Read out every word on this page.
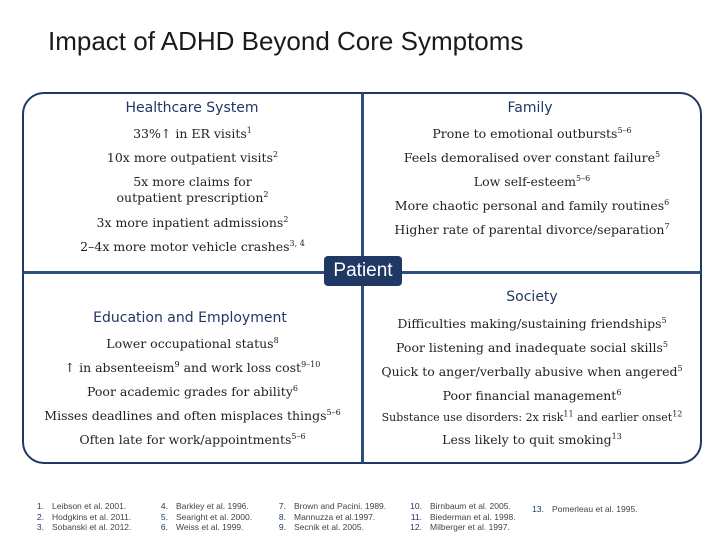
Impact of ADHD Beyond Core Symptoms
Patient
Healthcare System
33%↑ in ER visits$^1$
10x more outpatient visits$^2$
5x more claims for outpatient prescription$^2$
3x more inpatient admissions$^2$
2–4x more motor vehicle crashes$^{3, 4}$
Family
Prone to emotional outbursts$^{5-6}$
Feels demoralised over constant failure$^5$
Low self-esteem$^{5-6}$
More chaotic personal and family routines$^6$
Higher rate of parental divorce/separation$^7$
Education and Employment
Lower occupational status$^8$
↑ in absenteeism$^9$ and work loss cost$^{9-10}$
Poor academic grades for ability$^6$
Misses deadlines and often misplaces things$^{5-6}$
Often late for work/appointments$^{5-6}$
Society
Difficulties making/sustaining friendships$^5$
Poor listening and inadequate social skills$^5$
Quick to anger/verbally abusive when angered$^5$
Poor financial management$^6$
Substance use disorders: 2x risk$^{11}$ and earlier onset$^{12}$
Less likely to quit smoking$^{13}$
1. Leibson et al. 2001.
2. Hodgkins et al. 2011.
3. Sobanski et al. 2012.
4. Barkley et al. 1996.
5. Searight et al. 2000.
6. Weiss et al. 1999.
7. Brown and Pacini. 1989.
8. Mannuzza et al.1997.
9. Secnik et al. 2005.
10. Birnbaum et al. 2005.
11. Biederman et al. 1998.
12. Milberger et al. 1997.
13. Pomerleau et al. 1995.
